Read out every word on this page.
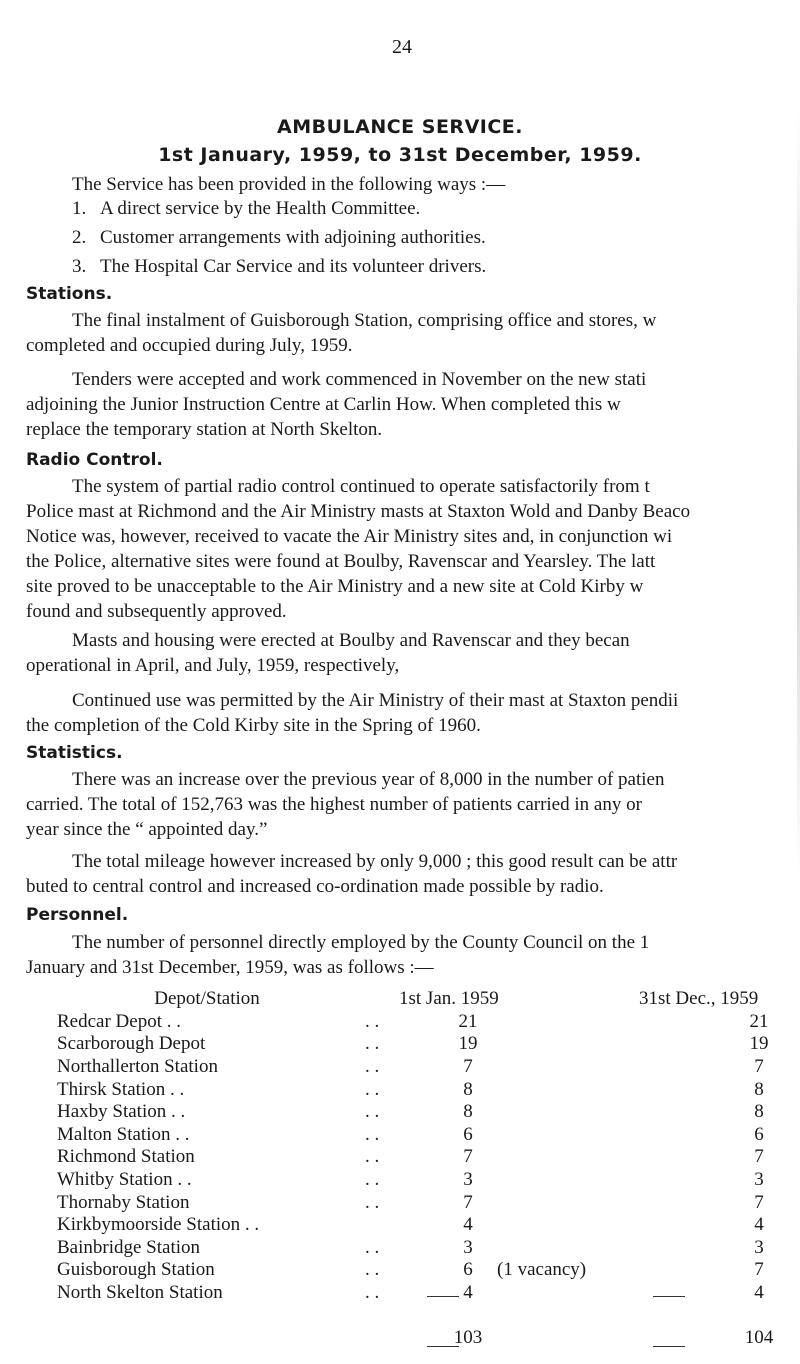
24
AMBULANCE SERVICE.
1st January, 1959, to 31st December, 1959.
The Service has been provided in the following ways :—
1. A direct service by the Health Committee.
2. Customer arrangements with adjoining authorities.
3. The Hospital Car Service and its volunteer drivers.
Stations.
The final instalment of Guisborough Station, comprising office and stores, w
completed and occupied during July, 1959.
Tenders were accepted and work commenced in November on the new stati
adjoining the Junior Instruction Centre at Carlin How. When completed this w
replace the temporary station at North Skelton.
Radio Control.
The system of partial radio control continued to operate satisfactorily from t
Police mast at Richmond and the Air Ministry masts at Staxton Wold and Danby Beaco
Notice was, however, received to vacate the Air Ministry sites and, in conjunction wi
the Police, alternative sites were found at Boulby, Ravenscar and Yearsley. The latt
site proved to be unacceptable to the Air Ministry and a new site at Cold Kirby w
found and subsequently approved.
Masts and housing were erected at Boulby and Ravenscar and they becan
operational in April, and July, 1959, respectively,
Continued use was permitted by the Air Ministry of their mast at Staxton pendii
the completion of the Cold Kirby site in the Spring of 1960.
Statistics.
There was an increase over the previous year of 8,000 in the number of patien
carried. The total of 152,763 was the highest number of patients carried in any or
year since the “ appointed day.”
The total mileage however increased by only 9,000 ; this good result can be attr
buted to central control and increased co-ordination made possible by radio.
Personnel.
The number of personnel directly employed by the County Council on the 1
January and 31st December, 1959, was as follows :—
Depot/Station	1st Jan. 1959	31st Dec., 1959
Redcar Depot . .	. . 21	21
Scarborough Depot	. . 19	19
Northallerton Station	. . 7	7
Thirsk Station . .	. . 8	8
Haxby Station . .	. . 8	8
Malton Station . .	. . 6	6
Richmond Station	. . 7	7
Whitby Station . .	. . 3	3
Thornaby Station	. . 7	7
Kirkbymoorside Station . .	4	4
Bainbridge Station	. . 3	3
Guisborough Station	. . 6 (1 vacancy)	7
North Skelton Station	. . 4	4

	103	104
